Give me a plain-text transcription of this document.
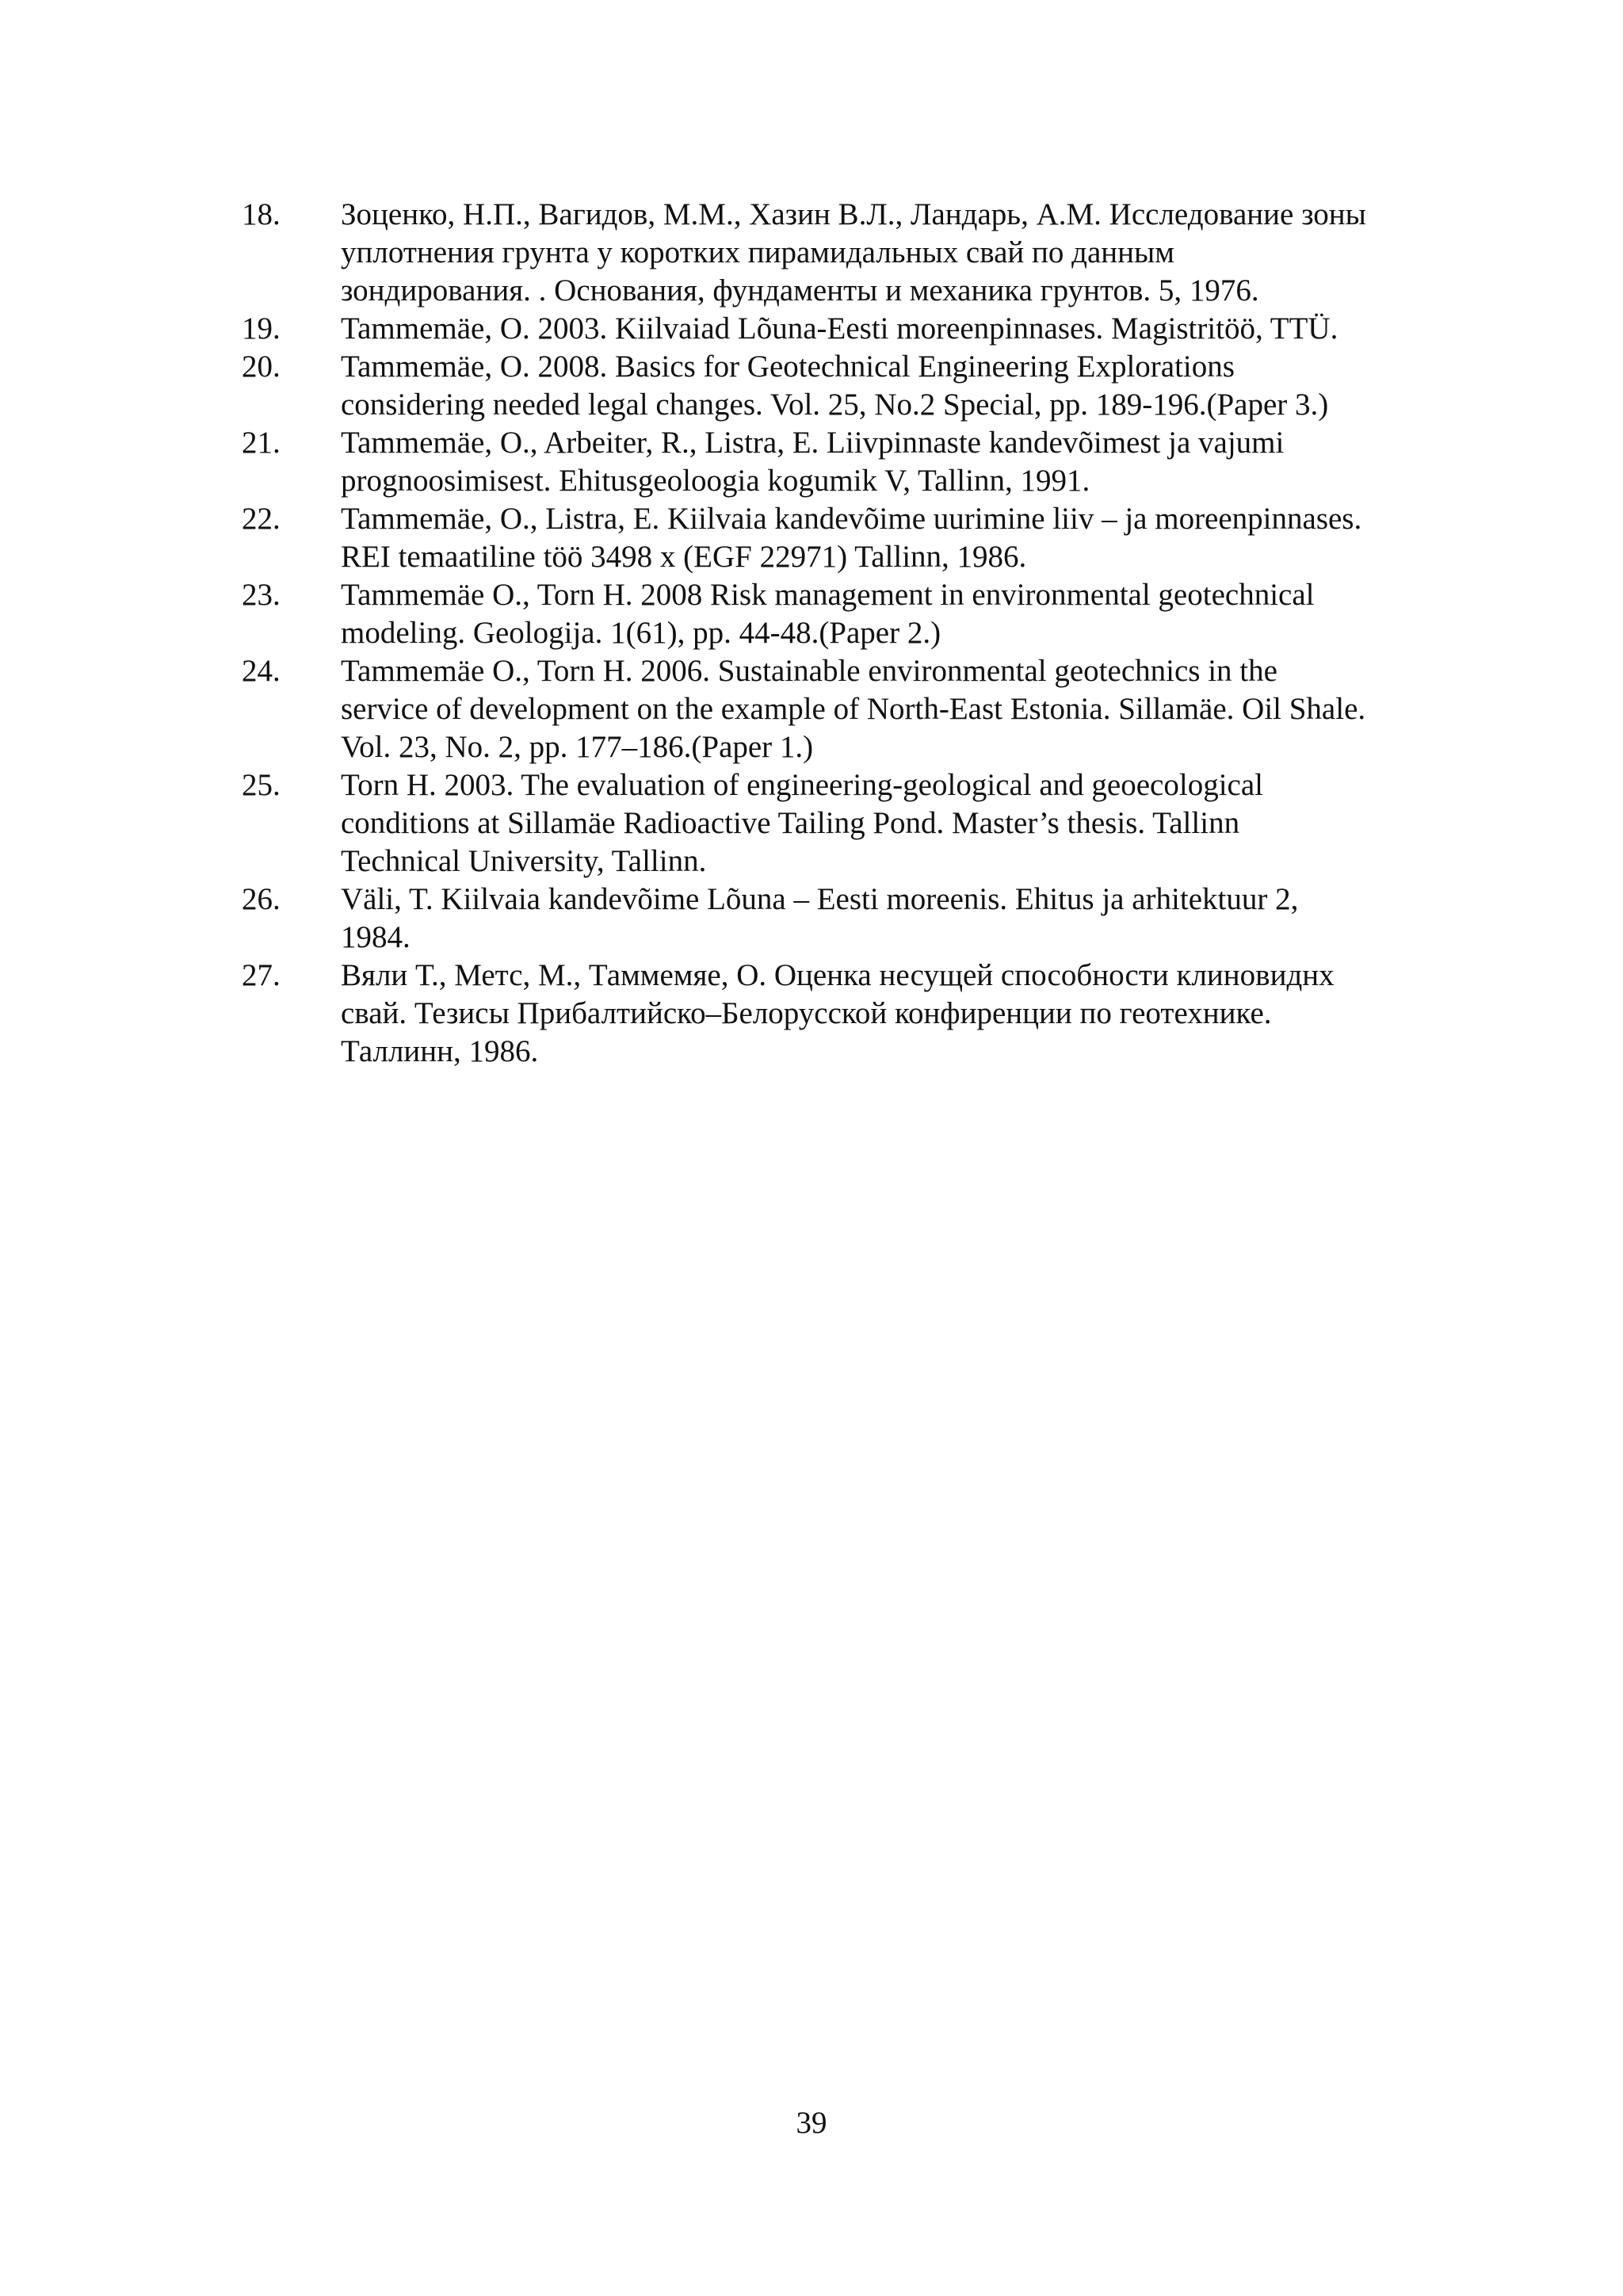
18.	Зоценко, Н.П., Вагидов, М.М., Хазин В.Л., Ландарь, А.М. Исследование зоны
уплотнения грунта у коротких пирамидальных свай по данным
зондирования. . Основания, фундаменты и механика грунтов. 5, 1976.
19.	Tammemäe, O. 2003. Kiilvaiad Lõuna-Eesti moreenpinnases. Magistritöö, TTÜ.
20.	Tammemäe, O. 2008. Basics for Geotechnical Engineering Explorations
considering needed legal changes. Vol. 25, No.2 Special, pp. 189-196.(Paper 3.)
21.	Tammemäe, O., Arbeiter, R., Listra, E. Liivpinnaste kandevõimest ja vajumi
prognoosimisest. Ehitusgeoloogia kogumik V, Tallinn, 1991.
22.	Tammemäe, O., Listra, E. Kiilvaia kandevõime uurimine liiv – ja moreenpinnases.
REI temaatiline töö 3498 x (EGF 22971) Tallinn, 1986.
23.	Tammemäe O., Torn H. 2008 Risk management in environmental geotechnical
modeling. Geologija. 1(61), pp. 44-48.(Paper 2.)
24.	Tammemäe O., Torn H. 2006. Sustainable environmental geotechnics in the
service of development on the example of North-East Estonia. Sillamäe. Oil Shale.
Vol. 23, No. 2, pp. 177–186.(Paper 1.)
25.	Torn H. 2003. The evaluation of engineering-geological and geoecological
conditions at Sillamäe Radioactive Tailing Pond. Master’s thesis. Tallinn
Technical University, Tallinn.
26.	Väli, T. Kiilvaia kandevõime Lõuna – Eesti moreenis. Ehitus ja arhitektuur 2,
1984.
27.	Вяли Т., Метс, М., Таммемяе, О. Оценка несущей способности клиновиднх
свай. Тезисы Прибалтийско–Белорусской конфиренции по геотехнике.
Таллинн, 1986.
39
